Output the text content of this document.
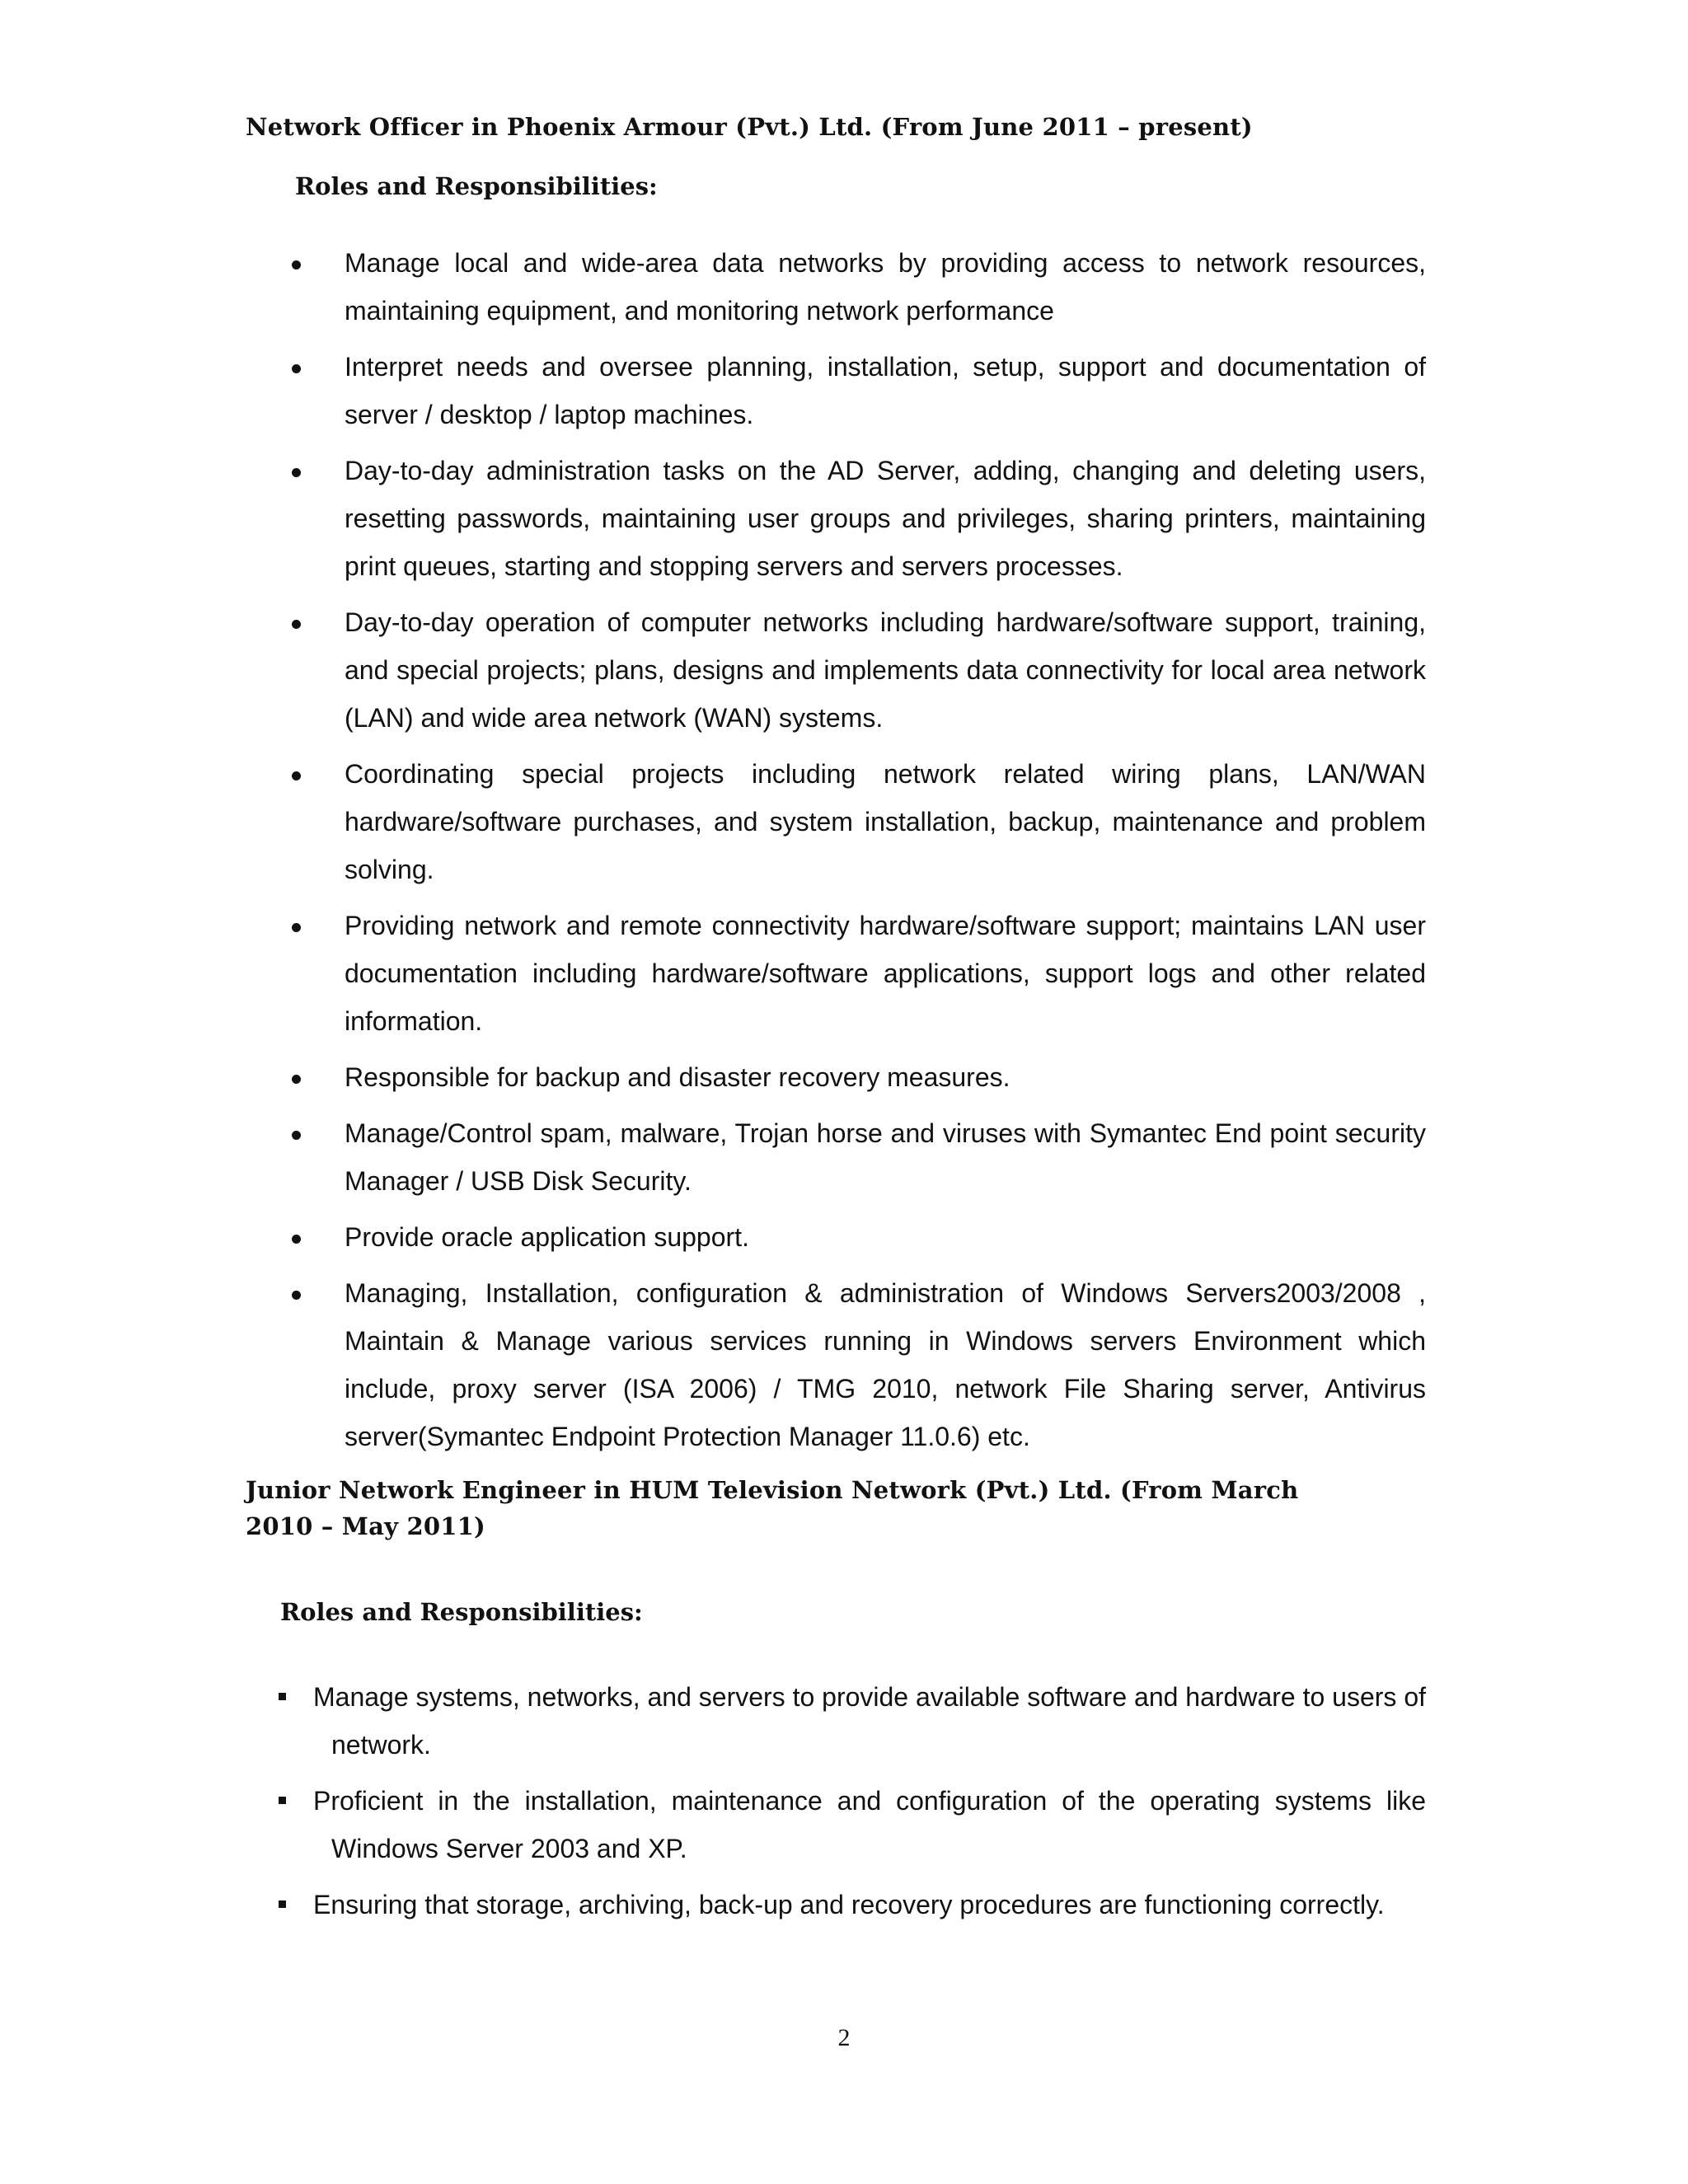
Network Officer in Phoenix Armour (Pvt.) Ltd. (From June 2011 – present)
Roles and Responsibilities:
Manage local and wide-area data networks by providing access to network resources, maintaining equipment, and monitoring network performance
Interpret needs and oversee planning, installation, setup, support and documentation of server / desktop / laptop machines.
Day-to-day administration tasks on the AD Server, adding, changing and deleting users, resetting passwords, maintaining user groups and privileges, sharing printers, maintaining print queues, starting and stopping servers and servers processes.
Day-to-day operation of computer networks including hardware/software support, training, and special projects; plans, designs and implements data connectivity for local area network (LAN) and wide area network (WAN) systems.
Coordinating special projects including network related wiring plans, LAN/WAN hardware/software purchases, and system installation, backup, maintenance and problem solving.
Providing network and remote connectivity hardware/software support; maintains LAN user documentation including hardware/software applications, support logs and other related information.
Responsible for backup and disaster recovery measures.
Manage/Control spam, malware, Trojan horse and viruses with Symantec End point security Manager / USB Disk Security.
Provide oracle application support.
Managing, Installation, configuration & administration of Windows Servers2003/2008 , Maintain & Manage various services running in Windows servers Environment which include, proxy server (ISA 2006) / TMG 2010, network File Sharing server, Antivirus server(Symantec Endpoint Protection Manager 11.0.6) etc.
Junior Network Engineer in HUM Television Network (Pvt.) Ltd. (From March
2010 – May 2011)
Roles and Responsibilities:
Manage systems, networks, and servers to provide available software and hardware to users of network.
Proficient in the installation, maintenance and configuration of the operating systems like Windows Server 2003 and XP.
Ensuring that storage, archiving, back-up and recovery procedures are functioning correctly.
2
